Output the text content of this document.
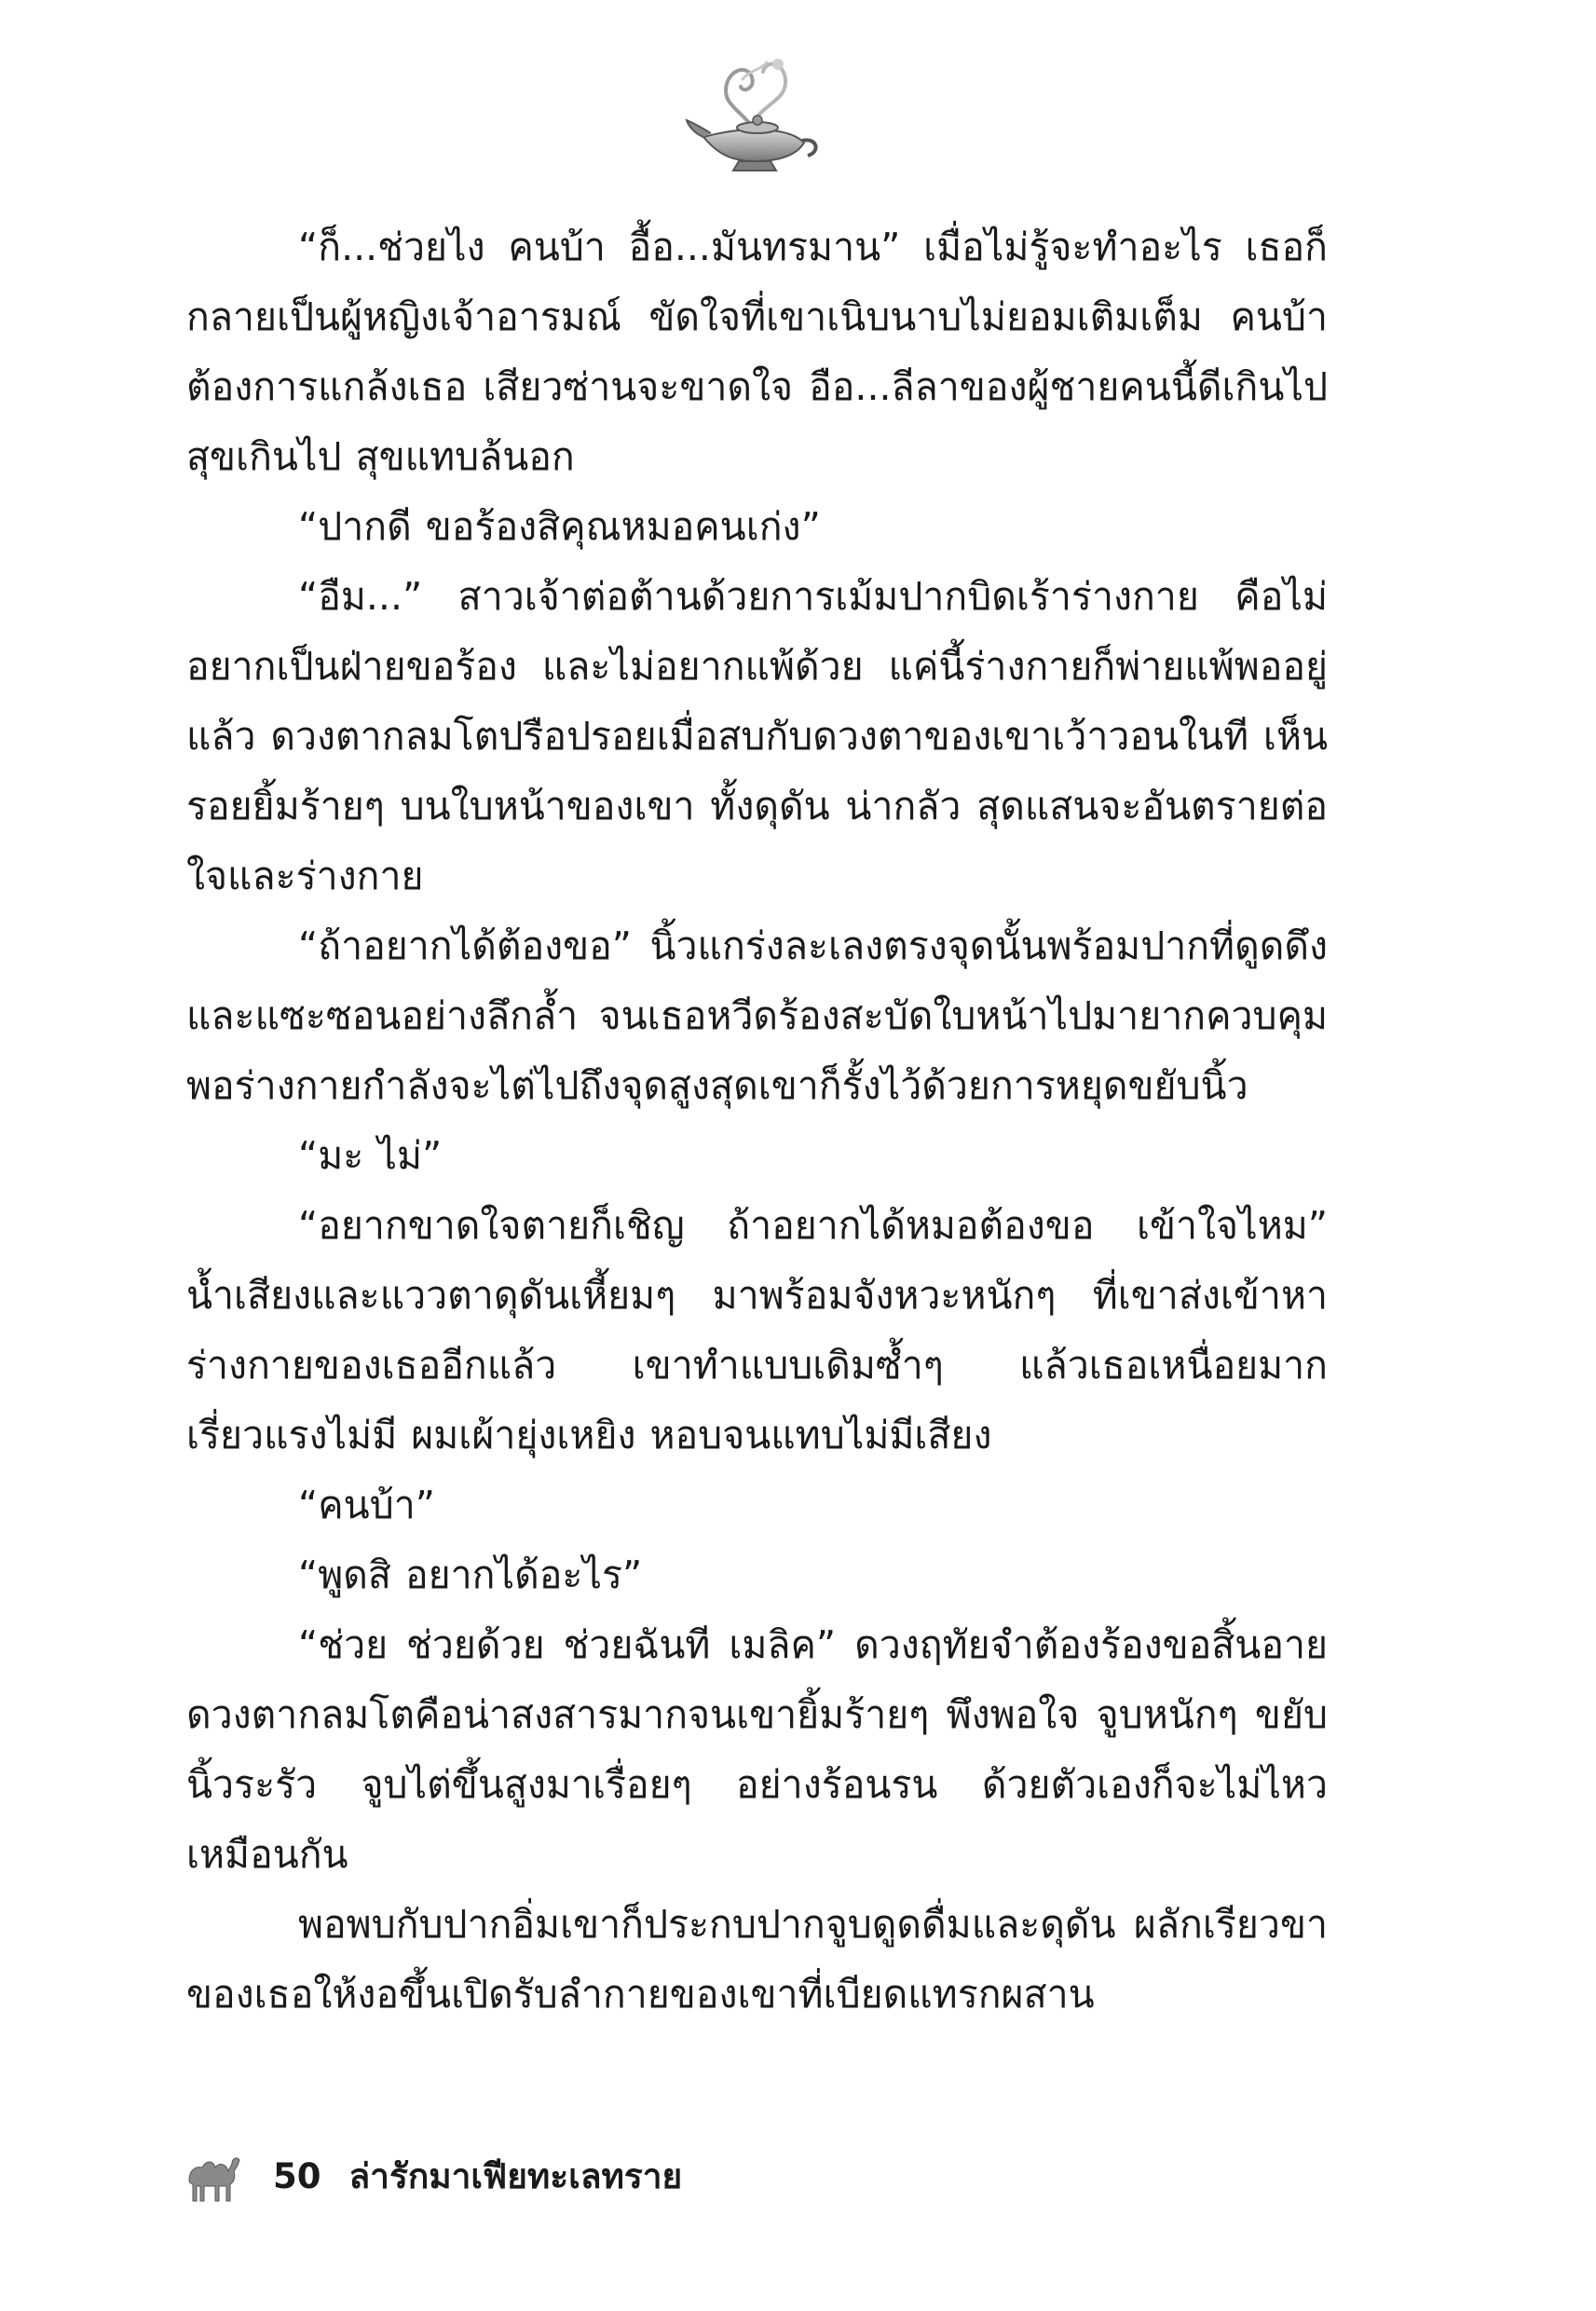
“ก็...ช่วยไง คนบ้า อื้อ...มันทรมาน” เมื่อไม่รู้จะทำอะไร เธอก็กลายเป็นผู้หญิงเจ้าอารมณ์ ขัดใจที่เขาเนิบนาบไม่ยอมเติมเต็ม คนบ้าต้องการแกล้งเธอ เสียวซ่านจะขาดใจ อือ...ลีลาของผู้ชายคนนี้ดีเกินไปสุขเกินไป สุขแทบล้นอก

“ปากดี ขอร้องสิคุณหมอคนเก่ง”

“อืม...” สาวเจ้าต่อต้านด้วยการเม้มปากบิดเร้าร่างกาย คือไม่อยากเป็นฝ่ายขอร้อง และไม่อยากแพ้ด้วย แค่นี้ร่างกายก็พ่ายแพ้พออยู่แล้ว ดวงตากลมโตปรือปรอยเมื่อสบกับดวงตาของเขาเว้าวอนในที เห็นรอยยิ้มร้ายๆ บนใบหน้าของเขา ทั้งดุดัน น่ากลัว สุดแสนจะอันตรายต่อใจและร่างกาย

“ถ้าอยากได้ต้องขอ” นิ้วแกร่งละเลงตรงจุดนั้นพร้อมปากที่ดูดดึงและแซะซอนอย่างลึกล้ำ จนเธอหวีดร้องสะบัดใบหน้าไปมายากควบคุม พอร่างกายกำลังจะไต่ไปถึงจุดสูงสุดเขาก็รั้งไว้ด้วยการหยุดขยับนิ้ว

“มะ ไม่”

“อยากขาดใจตายก็เชิญ ถ้าอยากได้หมอต้องขอ เข้าใจไหม” น้ำเสียงและแววตาดุดันเหี้ยมๆ มาพร้อมจังหวะหนักๆ ที่เขาส่งเข้าหาร่างกายของเธออีกแล้ว เขาทำแบบเดิมซ้ำๆ แล้วเธอเหนื่อยมาก เรี่ยวแรงไม่มี ผมเผ้ายุ่งเหยิง หอบจนแทบไม่มีเสียง

“คนบ้า”

“พูดสิ อยากได้อะไร”

“ช่วย ช่วยด้วย ช่วยฉันที เมลิค” ดวงฤทัยจำต้องร้องขอสิ้นอาย ดวงตากลมโตคือน่าสงสารมากจนเขายิ้มร้ายๆ พึงพอใจ จูบหนักๆ ขยับนิ้วระรัว จูบไต่ขึ้นสูงมาเรื่อยๆ อย่างร้อนรน ด้วยตัวเองก็จะไม่ไหวเหมือนกัน

พอพบกับปากอิ่มเขาก็ประกบปากจูบดูดดื่มและดุดัน ผลักเรียวขาของเธอให้งอขึ้นเปิดรับลำกายของเขาที่เบียดแทรกผสาน

50 ล่ารักมาเฟียทะเลทราย
